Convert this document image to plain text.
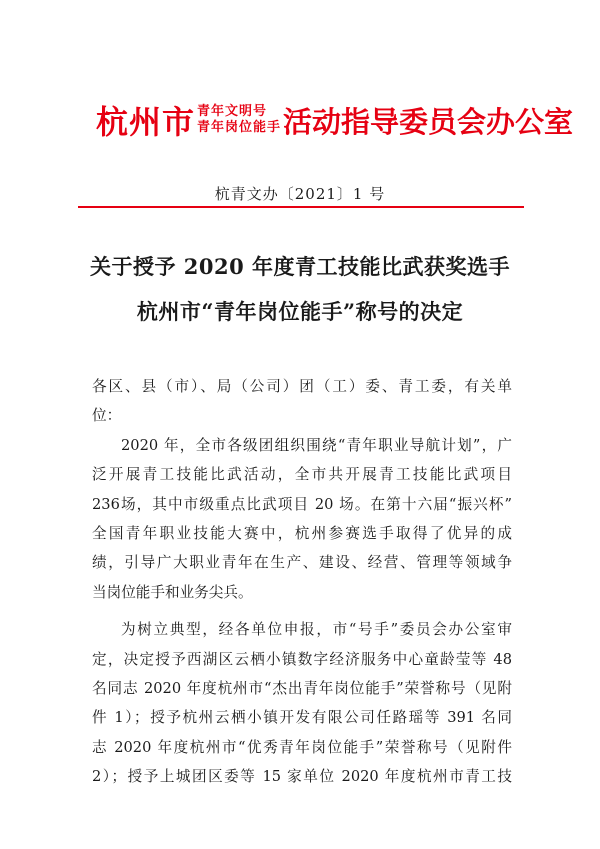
杭州市 青年文明号
青年岗位能手 活动指导委员会办公室
杭青文办〔2021〕1 号
关于授予 2020 年度青工技能比武获奖选手
杭州市“青年岗位能手”称号的决定

各区、县（市）、局（公司）团（工）委、青工委，有关单
位：

2020 年，全市各级团组织围绕“青年职业导航计划”，广
泛开展青工技能比武活动，全市共开展青工技能比武项目
236场，其中市级重点比武项目 20 场。在第十六届“振兴杯”
全国青年职业技能大赛中，杭州参赛选手取得了优异的成
绩，引导广大职业青年在生产、建设、经营、管理等领域争
当岗位能手和业务尖兵。

为树立典型，经各单位申报，市“号手”委员会办公室审
定，决定授予西湖区云栖小镇数字经济服务中心童龄莹等 48
名同志 2020 年度杭州市“杰出青年岗位能手”荣誉称号（见附
件 1）；授予杭州云栖小镇开发有限公司任路瑶等 391 名同
志 2020 年度杭州市“优秀青年岗位能手”荣誉称号（见附件
2）；授予上城团区委等 15 家单位 2020 年度杭州市青工技
